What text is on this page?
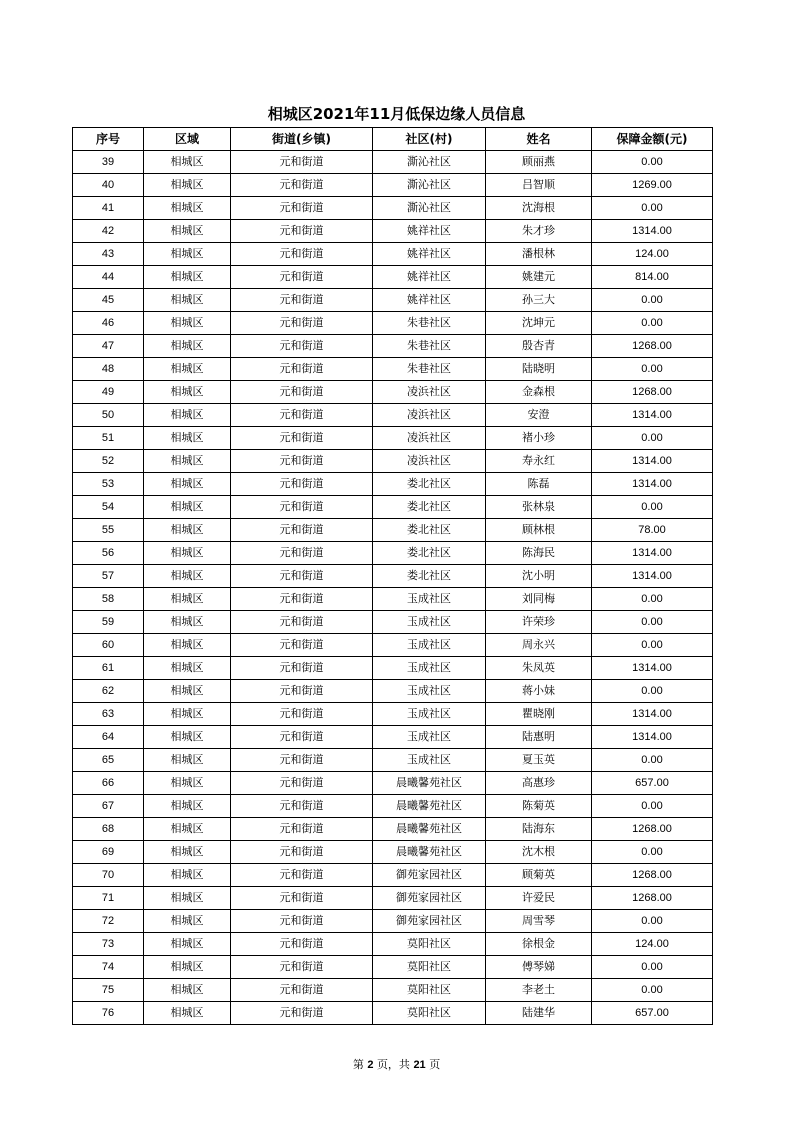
相城区2021年11月低保边缘人员信息
序号	区域	街道(乡镇)	社区(村)	姓名	保障金额(元)
39	相城区	元和街道	澌沁社区	顾丽燕	0.00
40	相城区	元和街道	澌沁社区	吕智顺	1269.00
41	相城区	元和街道	澌沁社区	沈海根	0.00
42	相城区	元和街道	姚祥社区	朱才珍	1314.00
43	相城区	元和街道	姚祥社区	潘根林	124.00
44	相城区	元和街道	姚祥社区	姚建元	814.00
45	相城区	元和街道	姚祥社区	孙三大	0.00
46	相城区	元和街道	朱巷社区	沈坤元	0.00
47	相城区	元和街道	朱巷社区	殷杏青	1268.00
48	相城区	元和街道	朱巷社区	陆晓明	0.00
49	相城区	元和街道	凌浜社区	金森根	1268.00
50	相城区	元和街道	凌浜社区	安澄	1314.00
51	相城区	元和街道	凌浜社区	褚小珍	0.00
52	相城区	元和街道	凌浜社区	寿永红	1314.00
53	相城区	元和街道	娄北社区	陈磊	1314.00
54	相城区	元和街道	娄北社区	张林泉	0.00
55	相城区	元和街道	娄北社区	顾林根	78.00
56	相城区	元和街道	娄北社区	陈海民	1314.00
57	相城区	元和街道	娄北社区	沈小明	1314.00
58	相城区	元和街道	玉成社区	刘同梅	0.00
59	相城区	元和街道	玉成社区	许荣珍	0.00
60	相城区	元和街道	玉成社区	周永兴	0.00
61	相城区	元和街道	玉成社区	朱凤英	1314.00
62	相城区	元和街道	玉成社区	蒋小妹	0.00
63	相城区	元和街道	玉成社区	瞿晓刚	1314.00
64	相城区	元和街道	玉成社区	陆惠明	1314.00
65	相城区	元和街道	玉成社区	夏玉英	0.00
66	相城区	元和街道	晨曦馨苑社区	高惠珍	657.00
67	相城区	元和街道	晨曦馨苑社区	陈菊英	0.00
68	相城区	元和街道	晨曦馨苑社区	陆海东	1268.00
69	相城区	元和街道	晨曦馨苑社区	沈木根	0.00
70	相城区	元和街道	御苑家园社区	顾菊英	1268.00
71	相城区	元和街道	御苑家园社区	许爱民	1268.00
72	相城区	元和街道	御苑家园社区	周雪琴	0.00
73	相城区	元和街道	莫阳社区	徐根金	124.00
74	相城区	元和街道	莫阳社区	傅琴娣	0.00
75	相城区	元和街道	莫阳社区	李老土	0.00
76	相城区	元和街道	莫阳社区	陆建华	657.00
第 2 页，共 21 页
